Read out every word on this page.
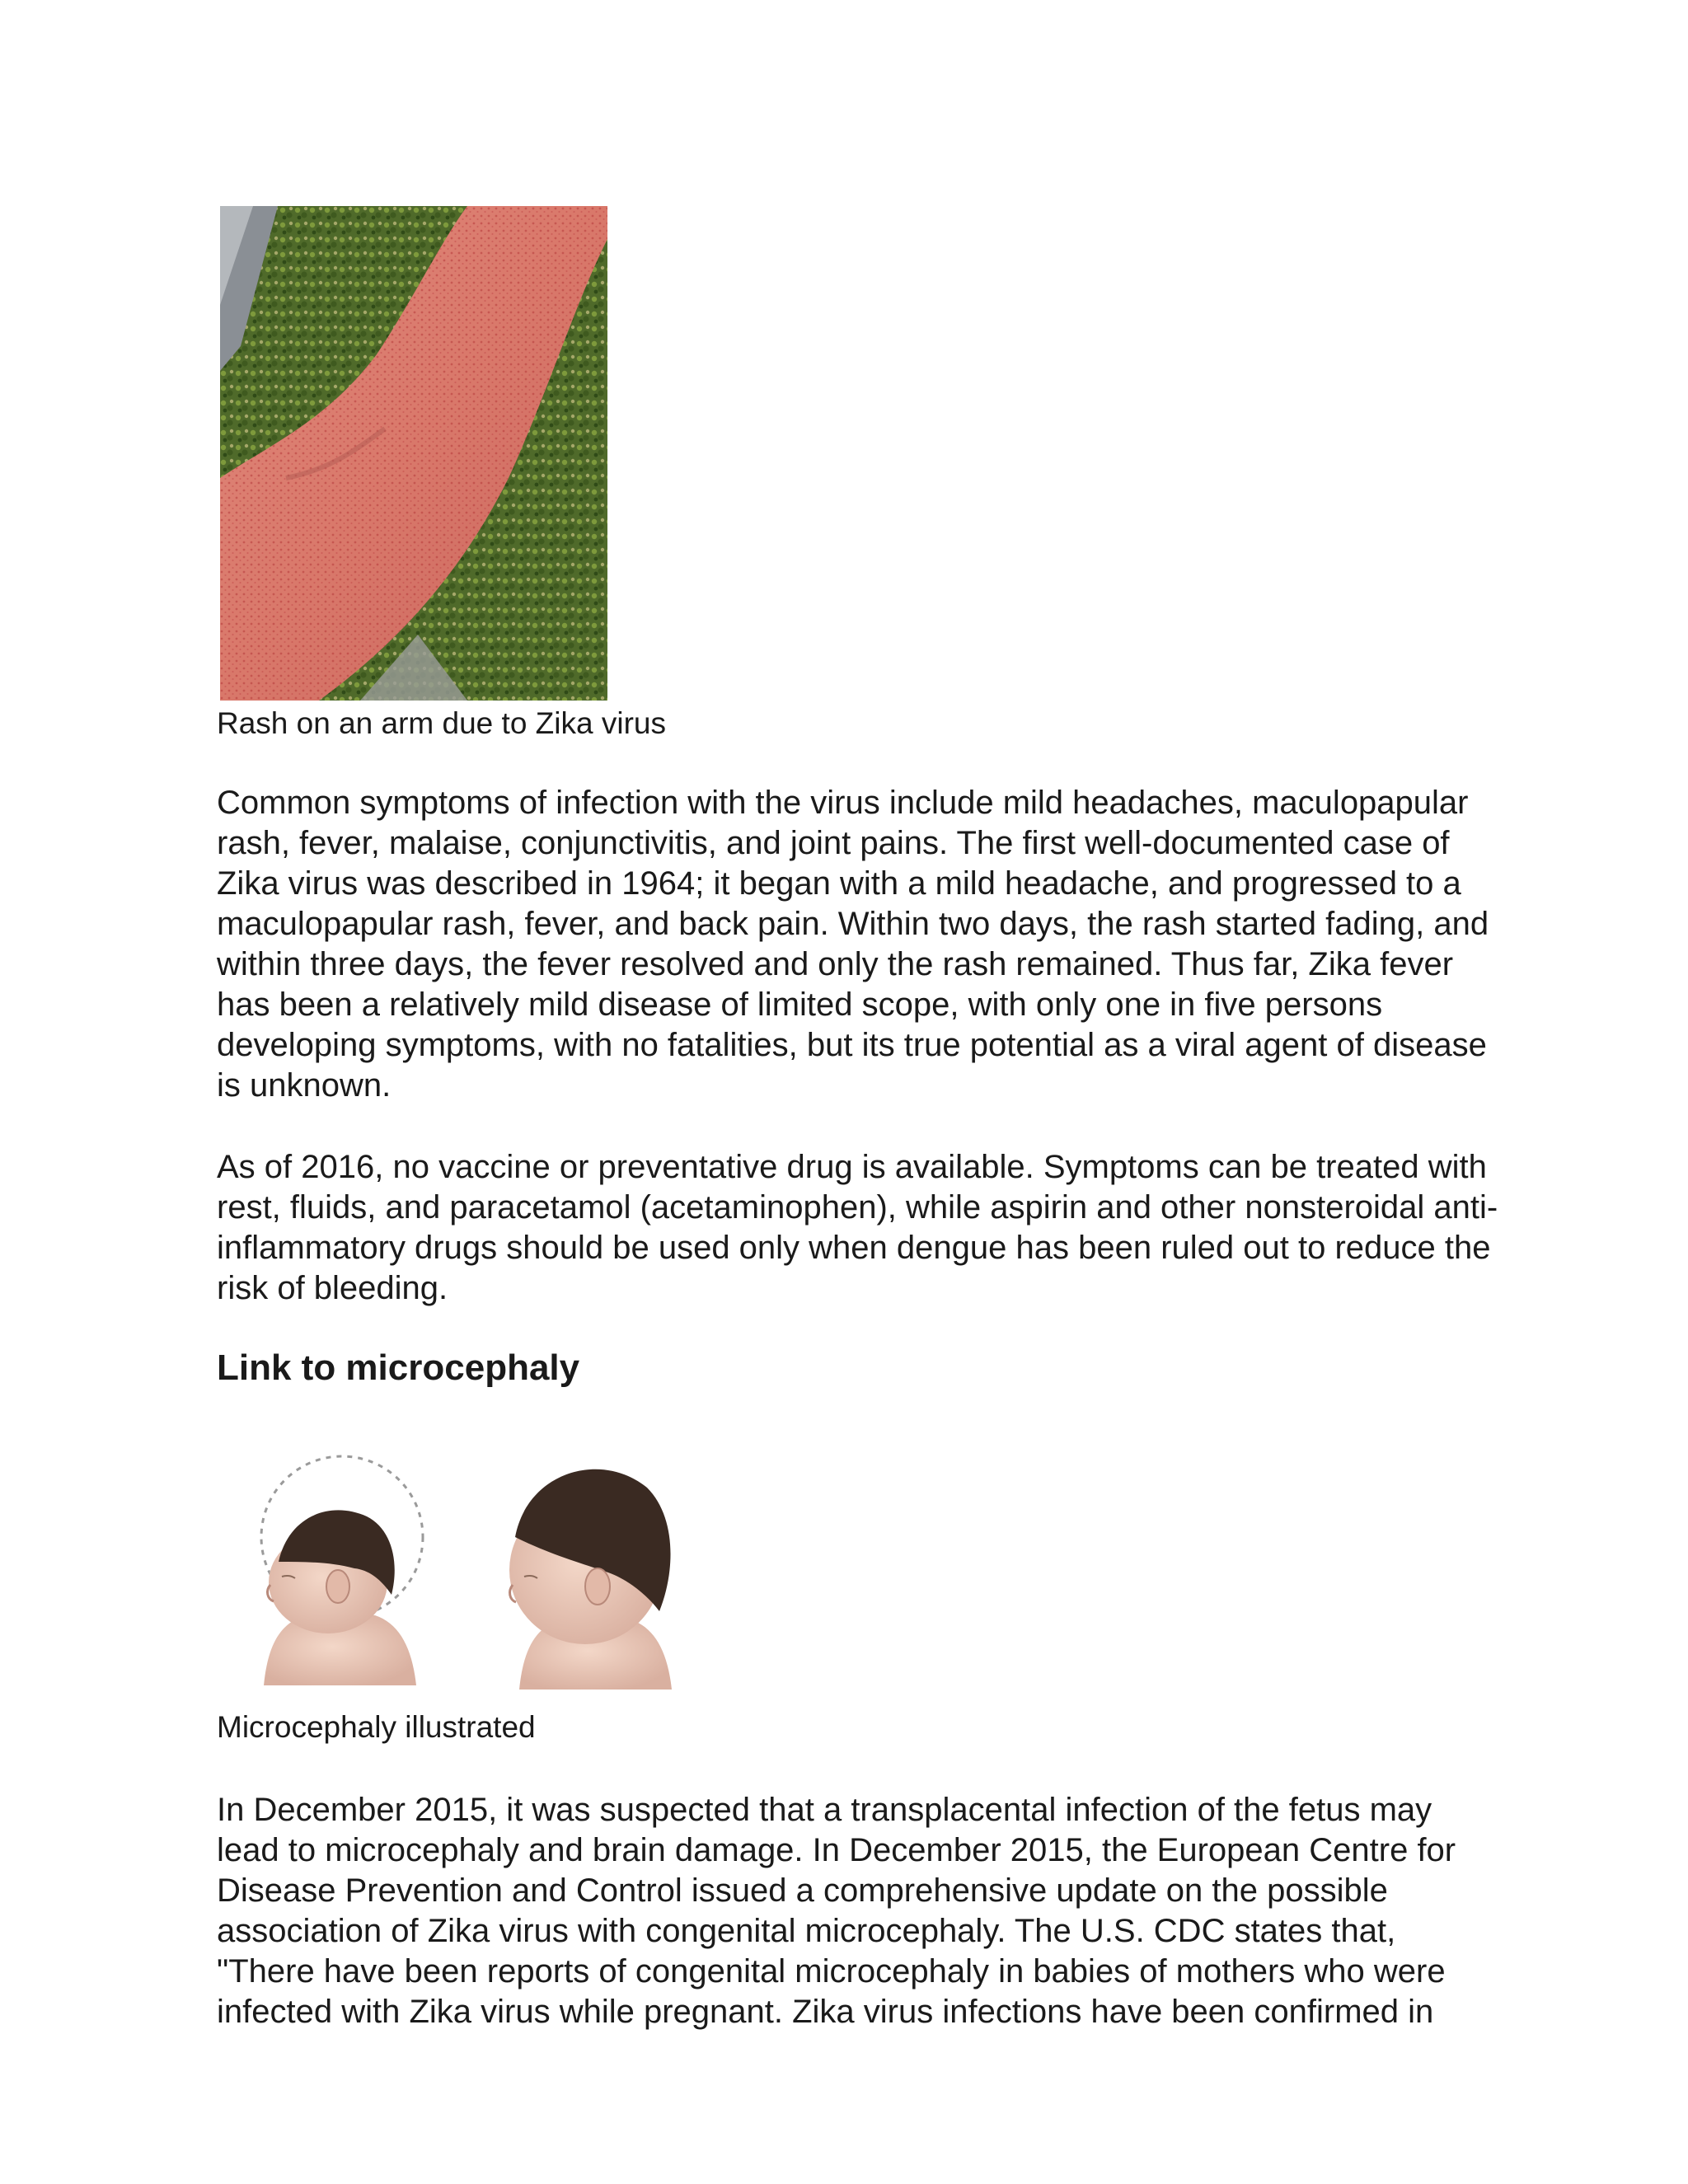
Rash on an arm due to Zika virus

Common symptoms of infection with the virus include mild headaches, maculopapular
rash, fever, malaise, conjunctivitis, and joint pains. The first well-documented case of
Zika virus was described in 1964; it began with a mild headache, and progressed to a
maculopapular rash, fever, and back pain. Within two days, the rash started fading, and
within three days, the fever resolved and only the rash remained. Thus far, Zika fever
has been a relatively mild disease of limited scope, with only one in five persons
developing symptoms, with no fatalities, but its true potential as a viral agent of disease
is unknown.
As of 2016, no vaccine or preventative drug is available. Symptoms can be treated with
rest, fluids, and paracetamol (acetaminophen), while aspirin and other nonsteroidal anti-
inflammatory drugs should be used only when dengue has been ruled out to reduce the
risk of bleeding.
Link to microcephaly

Microcephaly illustrated

In December 2015, it was suspected that a transplacental infection of the fetus may
lead to microcephaly and brain damage. In December 2015, the European Centre for
Disease Prevention and Control issued a comprehensive update on the possible
association of Zika virus with congenital microcephaly. The U.S. CDC states that,
"There have been reports of congenital microcephaly in babies of mothers who were
infected with Zika virus while pregnant. Zika virus infections have been confirmed in
